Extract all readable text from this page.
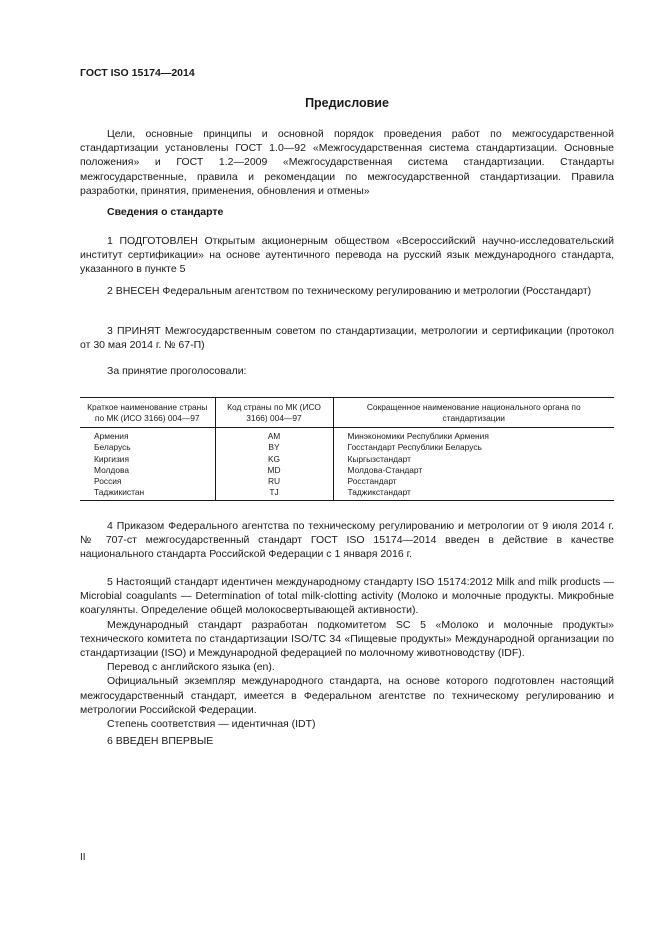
ГОСТ ISO 15174—2014
Предисловие

Цели, основные принципы и основной порядок проведения работ по межгосударственной стандартизации установлены ГОСТ 1.0—92 «Межгосударственная система стандартизации. Основные положения» и ГОСТ 1.2—2009 «Межгосударственная система стандартизации. Стандарты межгосударственные, правила и рекомендации по межгосударственной стандартизации. Правила разработки, принятия, применения, обновления и отмены»

Сведения о стандарте

1 ПОДГОТОВЛЕН Открытым акционерным обществом «Всероссийский научно-исследовательский институт сертификации» на основе аутентичного перевода на русский язык международного стандарта, указанного в пункте 5

2 ВНЕСЕН Федеральным агентством по техническому регулированию и метрологии (Росстандарт)

3 ПРИНЯТ Межгосударственным советом по стандартизации, метрологии и сертификации (протокол от 30 мая 2014 г. № 67-П)

За принятие проголосовали:

Краткое наименование страны по МК (ИСО 3166) 004—97	Код страны по МК (ИСО 3166) 004—97	Сокращенное наименование национального органа по стандартизации
Армения	AM	Минэкономики Республики Армения
Беларусь	BY	Госстандарт Республики Беларусь
Киргизия	KG	Кыргызстандарт
Молдова	MD	Молдова-Стандарт
Россия	RU	Росстандарт
Таджикистан	TJ	Таджикстандарт

4 Приказом Федерального агентства по техническому регулированию и метрологии от 9 июля 2014 г. № 707-ст межгосударственный стандарт ГОСТ ISO 15174—2014 введен в действие в качестве национального стандарта Российской Федерации с 1 января 2016 г.

5 Настоящий стандарт идентичен международному стандарту ISO 15174:2012 Milk and milk products — Microbial coagulants — Determination of total milk-clotting activity (Молоко и молочные продукты. Микробные коагулянты. Определение общей молокосвертывающей активности).

Международный стандарт разработан подкомитетом SC 5 «Молоко и молочные продукты» технического комитета по стандартизации ISO/TC 34 «Пищевые продукты» Международной организации по стандартизации (ISO) и Международной федерацией по молочному животноводству (IDF).

Перевод с английского языка (en).

Официальный экземпляр международного стандарта, на основе которого подготовлен настоящий межгосударственный стандарт, имеется в Федеральном агентстве по техническому регулированию и метрологии Российской Федерации.

Степень соответствия — идентичная (IDT)

6 ВВЕДЕН ВПЕРВЫЕ

II
